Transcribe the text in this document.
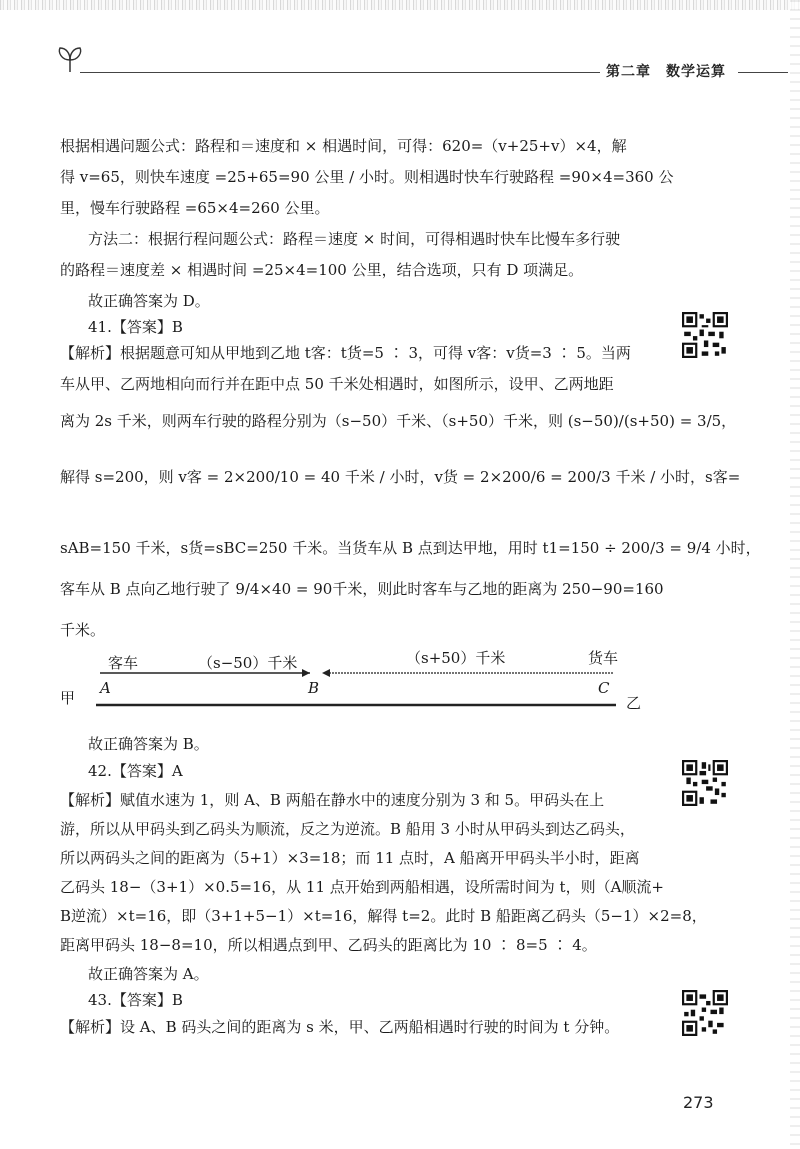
第二章　数学运算
根据相遇问题公式：路程和＝速度和 × 相遇时间，可得：620=（v+25+v）×4，解
得 v=65，则快车速度 =25+65=90 公里 / 小时。则相遇时快车行驶路程 =90×4=360 公
里，慢车行驶路程 =65×4=260 公里。
方法二：根据行程问题公式：路程＝速度 × 时间，可得相遇时快车比慢车多行驶
的路程＝速度差 × 相遇时间 =25×4=100 公里，结合选项，只有 D 项满足。
故正确答案为 D。
41.【答案】B
【解析】根据题意可知从甲地到乙地 t客：t货=5 ∶ 3，可得 v客：v货=3 ∶ 5。当两
车从甲、乙两地相向而行并在距中点 50 千米处相遇时，如图所示，设甲、乙两地距
离为 2s 千米，则两车行驶的路程分别为（s−50）千米、（s+50）千米，则 (s−50)/(s+50) = 3/5，
解得 s=200，则 v客 = 2×200/10 = 40 千米 / 小时，v货 = 2×200/6 = 200/3 千米 / 小时，s客=
sAB=150 千米，s货=sBC=250 千米。当货车从 B 点到达甲地，用时 t1=150 ÷ 200/3 = 9/4 小时，
客车从 B 点向乙地行驶了 9/4×40 = 90千米，则此时客车与乙地的距离为 250−90=160
千米。
客车	（s−50）千米	（s+50）千米	货车
A	B	C
甲	乙
故正确答案为 B。
42.【答案】A
【解析】赋值水速为 1，则 A、B 两船在静水中的速度分别为 3 和 5。甲码头在上
游，所以从甲码头到乙码头为顺流，反之为逆流。B 船用 3 小时从甲码头到达乙码头，
所以两码头之间的距离为（5+1）×3=18；而 11 点时，A 船离开甲码头半小时，距离
乙码头 18−（3+1）×0.5=16，从 11 点开始到两船相遇，设所需时间为 t，则（A顺流+
B逆流）×t=16，即（3+1+5−1）×t=16，解得 t=2。此时 B 船距离乙码头（5−1）×2=8，
距离甲码头 18−8=10，所以相遇点到甲、乙码头的距离比为 10 ∶ 8=5 ∶ 4。
故正确答案为 A。
43.【答案】B
【解析】设 A、B 码头之间的距离为 s 米，甲、乙两船相遇时行驶的时间为 t 分钟。
273
